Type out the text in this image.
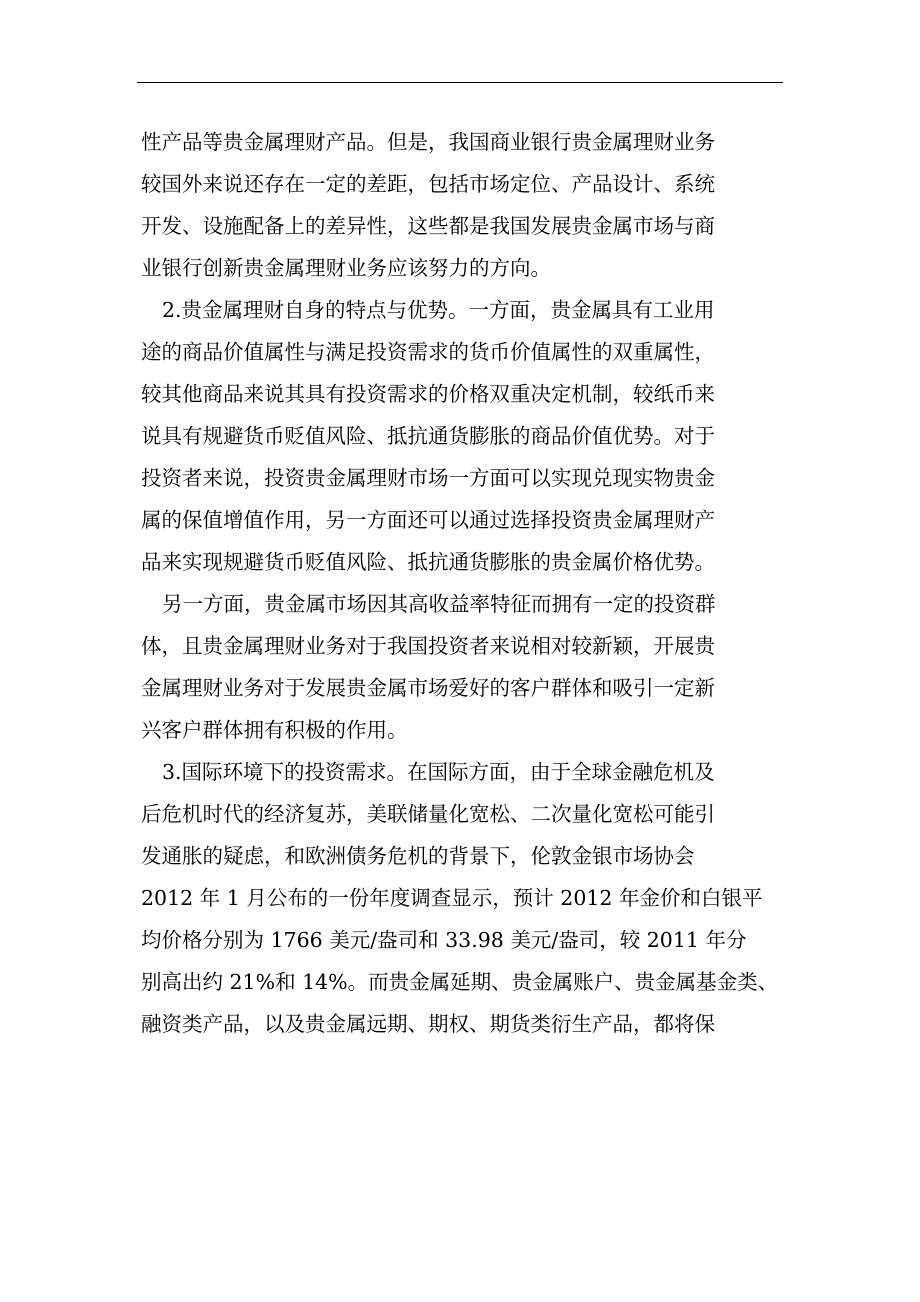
性产品等贵金属理财产品。但是，我国商业银行贵金属理财业务
较国外来说还存在一定的差距，包括市场定位、产品设计、系统
开发、设施配备上的差异性，这些都是我国发展贵金属市场与商
业银行创新贵金属理财业务应该努力的方向。
2.贵金属理财自身的特点与优势。一方面，贵金属具有工业用
途的商品价值属性与满足投资需求的货币价值属性的双重属性，
较其他商品来说其具有投资需求的价格双重决定机制，较纸币来
说具有规避货币贬值风险、抵抗通货膨胀的商品价值优势。对于
投资者来说，投资贵金属理财市场一方面可以实现兑现实物贵金
属的保值增值作用，另一方面还可以通过选择投资贵金属理财产
品来实现规避货币贬值风险、抵抗通货膨胀的贵金属价格优势。
另一方面，贵金属市场因其高收益率特征而拥有一定的投资群
体，且贵金属理财业务对于我国投资者来说相对较新颖，开展贵
金属理财业务对于发展贵金属市场爱好的客户群体和吸引一定新
兴客户群体拥有积极的作用。
3.国际环境下的投资需求。在国际方面，由于全球金融危机及
后危机时代的经济复苏，美联储量化宽松、二次量化宽松可能引
发通胀的疑虑，和欧洲债务危机的背景下，伦敦金银市场协会
2012 年 1 月公布的一份年度调查显示，预计 2012 年金价和白银平
均价格分别为 1766 美元/盎司和 33.98 美元/盎司，较 2011 年分
别高出约 21%和 14%。而贵金属延期、贵金属账户、贵金属基金类、
融资类产品，以及贵金属远期、期权、期货类衍生产品，都将保
